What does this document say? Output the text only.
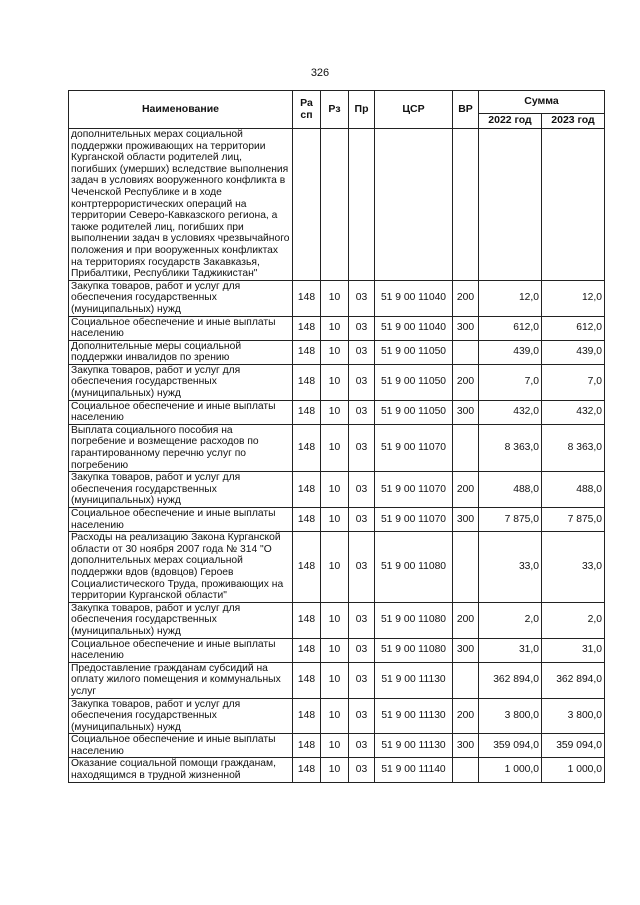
326
Наименование	Ра сп	Рз	Пр	ЦСР	ВР	Сумма	
						2022 год	2023 год
дополнительных мерах социальной поддержки проживающих на территории Курганской области родителей лиц, погибших (умерших) вследствие выполнения задач в условиях вооруженного конфликта в Чеченской Республике и в ходе контртеррористических операций на территории Северо-Кавказского региона, а также родителей лиц, погибших при выполнении задач в условиях чрезвычайного положения и при вооруженных конфликтах на территориях государств Закавказья, Прибалтики, Республики Таджикистан"							
Закупка товаров, работ и услуг для обеспечения государственных (муниципальных) нужд	148	10	03	51 9 00 11040	200	12,0	12,0
Социальное обеспечение и иные выплаты населению	148	10	03	51 9 00 11040	300	612,0	612,0
Дополнительные меры социальной поддержки инвалидов по зрению	148	10	03	51 9 00 11050		439,0	439,0
Закупка товаров, работ и услуг для обеспечения государственных (муниципальных) нужд	148	10	03	51 9 00 11050	200	7,0	7,0
Социальное обеспечение и иные выплаты населению	148	10	03	51 9 00 11050	300	432,0	432,0
Выплата социального пособия на погребение и возмещение расходов по гарантированному перечню услуг по погребению	148	10	03	51 9 00 11070		8 363,0	8 363,0
Закупка товаров, работ и услуг для обеспечения государственных (муниципальных) нужд	148	10	03	51 9 00 11070	200	488,0	488,0
Социальное обеспечение и иные выплаты населению	148	10	03	51 9 00 11070	300	7 875,0	7 875,0
Расходы на реализацию Закона Курганской области от 30 ноября 2007 года № 314 "О дополнительных мерах социальной поддержки вдов (вдовцов) Героев Социалистического Труда, проживающих на территории Курганской области"	148	10	03	51 9 00 11080		33,0	33,0
Закупка товаров, работ и услуг для обеспечения государственных (муниципальных) нужд	148	10	03	51 9 00 11080	200	2,0	2,0
Социальное обеспечение и иные выплаты населению	148	10	03	51 9 00 11080	300	31,0	31,0
Предоставление гражданам субсидий на оплату жилого помещения и коммунальных услуг	148	10	03	51 9 00 11130		362 894,0	362 894,0
Закупка товаров, работ и услуг для обеспечения государственных (муниципальных) нужд	148	10	03	51 9 00 11130	200	3 800,0	3 800,0
Социальное обеспечение и иные выплаты населению	148	10	03	51 9 00 11130	300	359 094,0	359 094,0
Оказание социальной помощи гражданам, находящимся в трудной жизненной	148	10	03	51 9 00 11140		1 000,0	1 000,0
